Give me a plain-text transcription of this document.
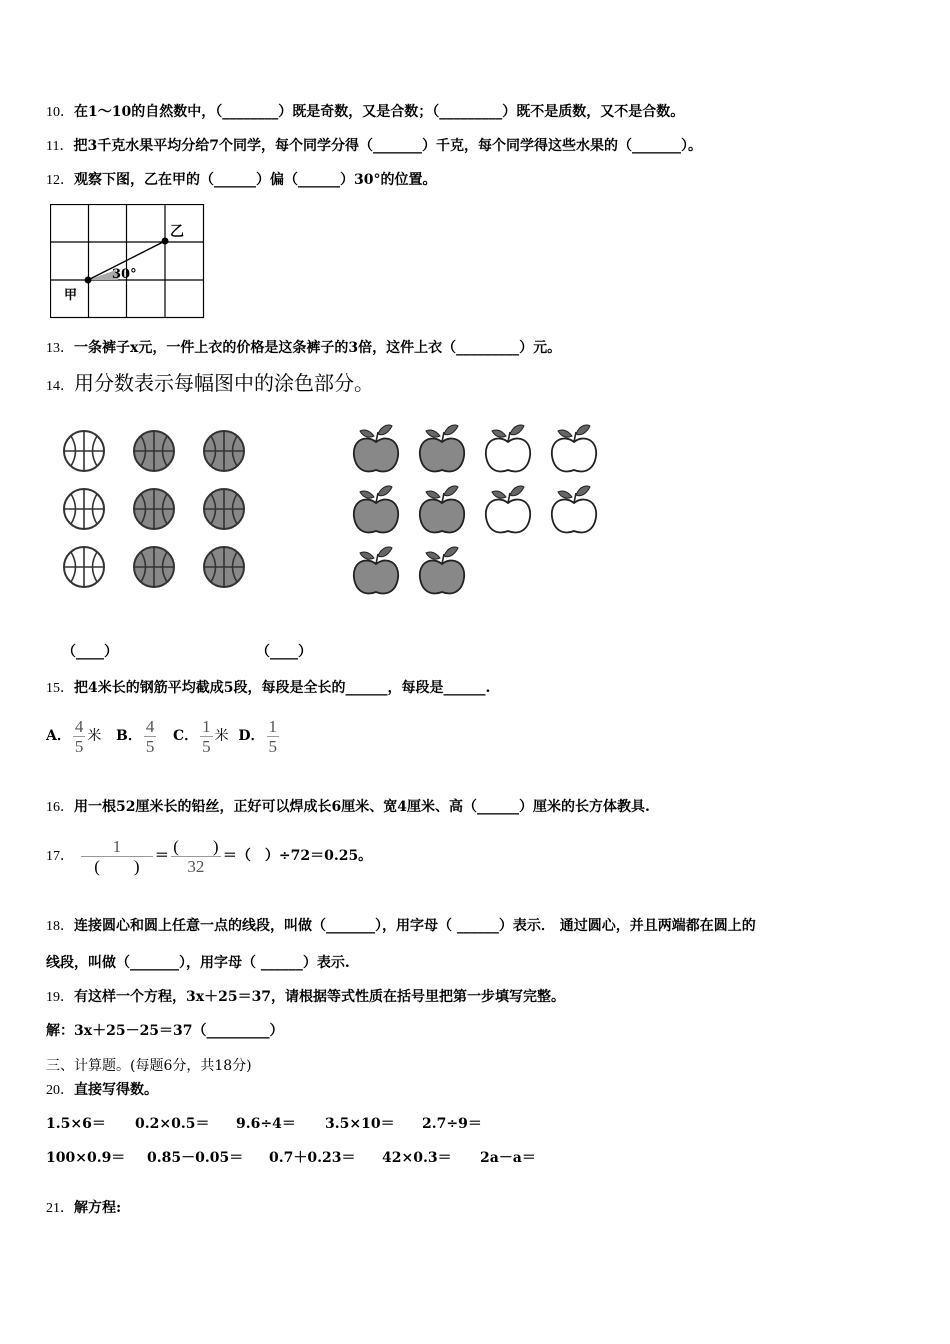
10．在1～10的自然数中，（________）既是奇数，又是合数；（_________）既不是质数，又不是合数。
11．把3千克水果平均分给7个同学，每个同学分得（_______）千克，每个同学得这些水果的（_______）。
12．观察下图，乙在甲的（______）偏（______）30°的位置。
甲
乙
30°
13．一条裤子x元，一件上衣的价格是这条裤子的3倍，这件上衣（_________）元。
14．用分数表示每幅图中的涂色部分。
（____）	（____）
15．把4米长的钢筋平均截成5段，每段是全长的______，每段是______.
A． $\frac{4}{5}$ 米 B． $\frac{4}{5}$ C． $\frac{1}{5}$ 米 D． $\frac{1}{5}$
16．用一根52厘米长的铅丝，正好可以焊成长6厘米、宽4厘米、高（______）厘米的长方体教具.
17． $\frac{1}{( )} = \frac{( )}{32}$ ＝（　）÷72＝0.25。
18．连接圆心和圆上任意一点的线段，叫做（_______），用字母（ ______）表示． 通过圆心，并且两端都在圆上的
线段，叫做（_______），用字母（ ______）表示.
19．有这样一个方程，3x＋25＝37，请根据等式性质在括号里把第一步填写完整。
解：3x＋25－25＝37（_________）
三、计算题。(每题6分，共18分)
20．直接写得数。
1.5×6＝ 0.2×0.5＝ 9.6÷4＝ 3.5×10＝ 2.7÷9＝
100×0.9＝ 0.85－0.05＝ 0.7＋0.23＝ 42×0.3＝ 2a－a＝
21．解方程:
